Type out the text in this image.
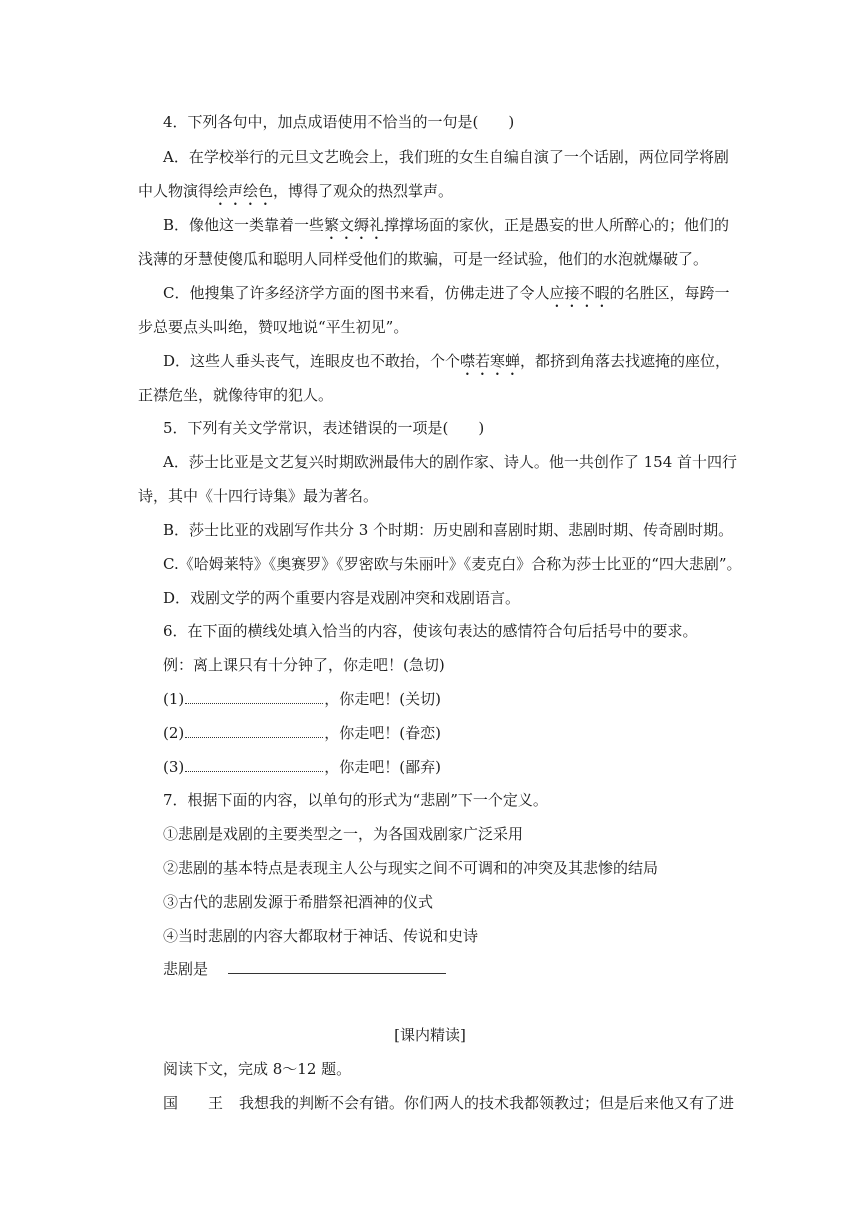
4．下列各句中，加点成语使用不恰当的一句是(　　)
A．在学校举行的元旦文艺晚会上，我们班的女生自编自演了一个话剧，两位同学将剧
中人物演得绘声绘色，博得了观众的热烈掌声。
B．像他这一类靠着一些繁文缛礼撑撑场面的家伙，正是愚妄的世人所醉心的；他们的
浅薄的牙慧使傻瓜和聪明人同样受他们的欺骗，可是一经试验，他们的水泡就爆破了。
C．他搜集了许多经济学方面的图书来看，仿佛走进了令人应接不暇的名胜区，每跨一
步总要点头叫绝，赞叹地说“平生初见”。
D．这些人垂头丧气，连眼皮也不敢抬，个个噤若寒蝉，都挤到角落去找遮掩的座位，
正襟危坐，就像待审的犯人。
5．下列有关文学常识，表述错误的一项是(　　)
A．莎士比亚是文艺复兴时期欧洲最伟大的剧作家、诗人。他一共创作了 154 首十四行
诗，其中《十四行诗集》最为著名。
B．莎士比亚的戏剧写作共分 3 个时期：历史剧和喜剧时期、悲剧时期、传奇剧时期。
C.《哈姆莱特》《奥赛罗》《罗密欧与朱丽叶》《麦克白》合称为莎士比亚的“四大悲剧”。
D．戏剧文学的两个重要内容是戏剧冲突和戏剧语言。
6．在下面的横线处填入恰当的内容，使该句表达的感情符合句后括号中的要求。
例：离上课只有十分钟了，你走吧！(急切)
(1)	，你走吧！(关切)
(2)	，你走吧！(眷恋)
(3)	，你走吧！(鄙弃)
7．根据下面的内容，以单句的形式为“悲剧”下一个定义。
①悲剧是戏剧的主要类型之一，为各国戏剧家广泛采用
②悲剧的基本特点是表现主人公与现实之间不可调和的冲突及其悲惨的结局
③古代的悲剧发源于希腊祭祀酒神的仪式
④当时悲剧的内容大都取材于神话、传说和史诗
悲剧是
[课内精读]
阅读下文，完成 8～12 题。
国　　王 我想我的判断不会有错。你们两人的技术我都领教过；但是后来他又有了进
